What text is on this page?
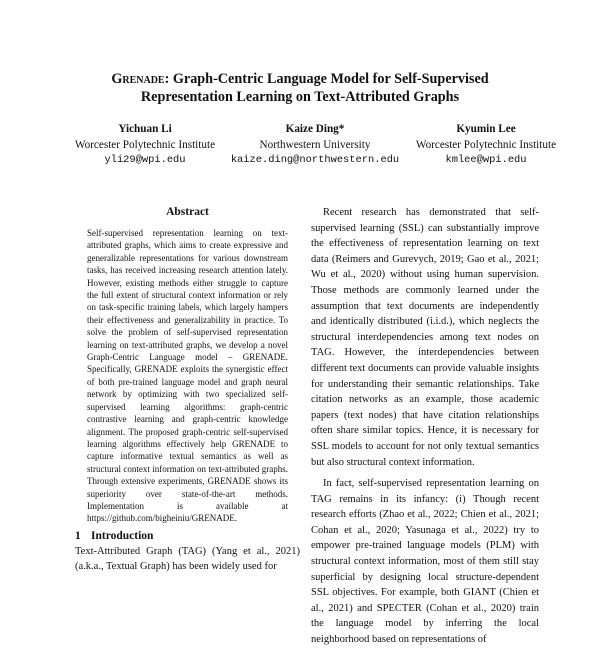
Grenade: Graph-Centric Language Model for Self-Supervised
Representation Learning on Text-Attributed Graphs
Yichuan Li
Worcester Polytechnic Institute
yli29@wpi.edu
Kaize Ding*
Northwestern University
kaize.ding@northwestern.edu
Kyumin Lee
Worcester Polytechnic Institute
kmlee@wpi.edu
Abstract
Self-supervised representation learning on text-attributed graphs, which aims to create expressive and generalizable representations for various downstream tasks, has received increasing research attention lately. However, existing methods either struggle to capture the full extent of structural context information or rely on task-specific training labels, which largely hampers their effectiveness and generalizability in practice. To solve the problem of self-supervised representation learning on text-attributed graphs, we develop a novel Graph-Centric Language model – GRENADE. Specifically, GRENADE exploits the synergistic effect of both pre-trained language model and graph neural network by optimizing with two specialized self-supervised learning algorithms: graph-centric contrastive learning and graph-centric knowledge alignment. The proposed graph-centric self-supervised learning algorithms effectively help GRENADE to capture informative textual semantics as well as structural context information on text-attributed graphs. Through extensive experiments, GRENADE shows its superiority over state-of-the-art methods. Implementation is available at https://github.com/bigheiniu/GRENADE.
1 Introduction

Text-Attributed Graph (TAG) (Yang et al., 2021) (a.k.a., Textual Graph) has been widely used for

Recent research has demonstrated that self-supervised learning (SSL) can substantially improve the effectiveness of representation learning on text data (Reimers and Gurevych, 2019; Gao et al., 2021; Wu et al., 2020) without using human supervision. Those methods are commonly learned under the assumption that text documents are independently and identically distributed (i.i.d.), which neglects the structural interdependencies among text nodes on TAG. However, the interdependencies between different text documents can provide valuable insights for understanding their semantic relationships. Take citation networks as an example, those academic papers (text nodes) that have citation relationships often share similar topics. Hence, it is necessary for SSL models to account for not only textual semantics but also structural context information.

In fact, self-supervised representation learning on TAG remains in its infancy: (i) Though recent research efforts (Zhao et al., 2022; Chien et al., 2021; Cohan et al., 2020; Yasunaga et al., 2022) try to empower pre-trained language models (PLM) with structural context information, most of them still stay superficial by designing local structure-dependent SSL objectives. For example, both GIANT (Chien et al., 2021) and SPECTER (Cohan et al., 2020) train the language model by inferring the local neighborhood based on representations of
